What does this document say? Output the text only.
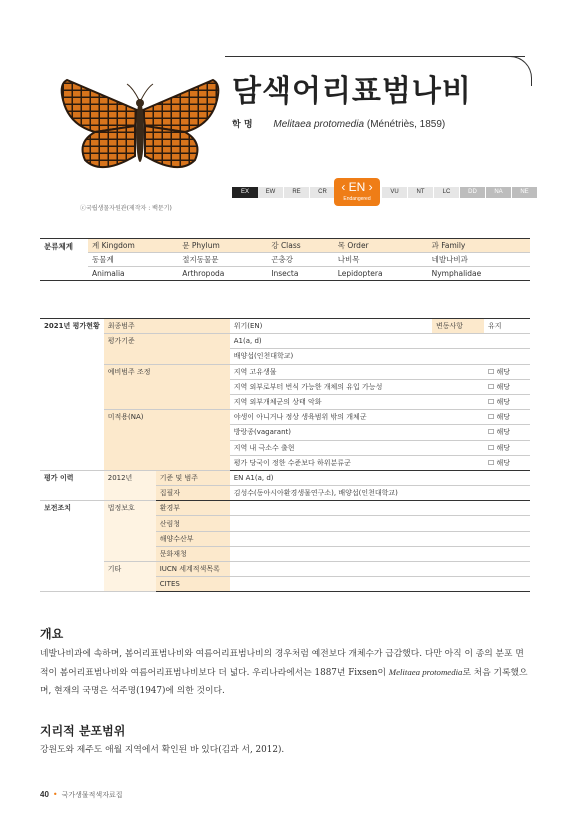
ⓒ국립생물자원관(제작자 : 백문기)
담색어리표범나비
학 명 Melitaea protomedia (Ménétriès, 1859)
EX	EW	RE	CR	VU	NT	LC	DD	NA	NE
‹ EN ›
Endangered
분류체계	계 Kingdom	문 Phylum	강 Class	목 Order	과 Family
	동물계	절지동물문	곤충강	나비목	네발나비과
	Animalia	Arthropoda	Insecta	Lepidoptera	Nymphalidae
2021년 평가현황	최종범주		위기(EN)	변동사항	유지
	평가기준		A1(a, d)		
			배양섭(인천대학교)		
	예비범주 조정		지역 고유생물		☐ 해당
			지역 외부로부터 번식 가능한 개체의 유입 가능성		☐ 해당
			지역 외부개체군의 상태 악화		☐ 해당
	미적용(NA)		야생이 아니거나 정상 생육범위 밖의 개체군		☐ 해당
			방랑종(vagarant)		☐ 해당
			지역 내 극소수 출현		☐ 해당
			평가 당국이 정한 수준보다 하위분류군		☐ 해당
평가 이력	2012년	기준 및 범주	EN A1(a, d)		
		집필자	김성수(동아시아환경생물연구소), 배양섭(인천대학교)		
보전조치	법정보호	환경부			
		산림청			
		해양수산부			
		문화재청			
	기타	IUCN 세계적색목록			
		CITES			
개요
네발나비과에 속하며, 봄어리표범나비와 여름어리표범나비의 경우처럼 예전보다 개체수가 급감했다. 다만 아직 이 종의 분포 면적이 봄어리표범나비와 여름어리표범나비보다 더 넓다. 우리나라에서는 1887년 Fixsen이 Melitaea protomedia로 처음 기록했으며, 현재의 국명은 석주명(1947)에 의한 것이다.
지리적 분포범위
강원도와 제주도 애월 지역에서 확인된 바 있다(김과 서, 2012).
40 • 국가생물적색자료집
